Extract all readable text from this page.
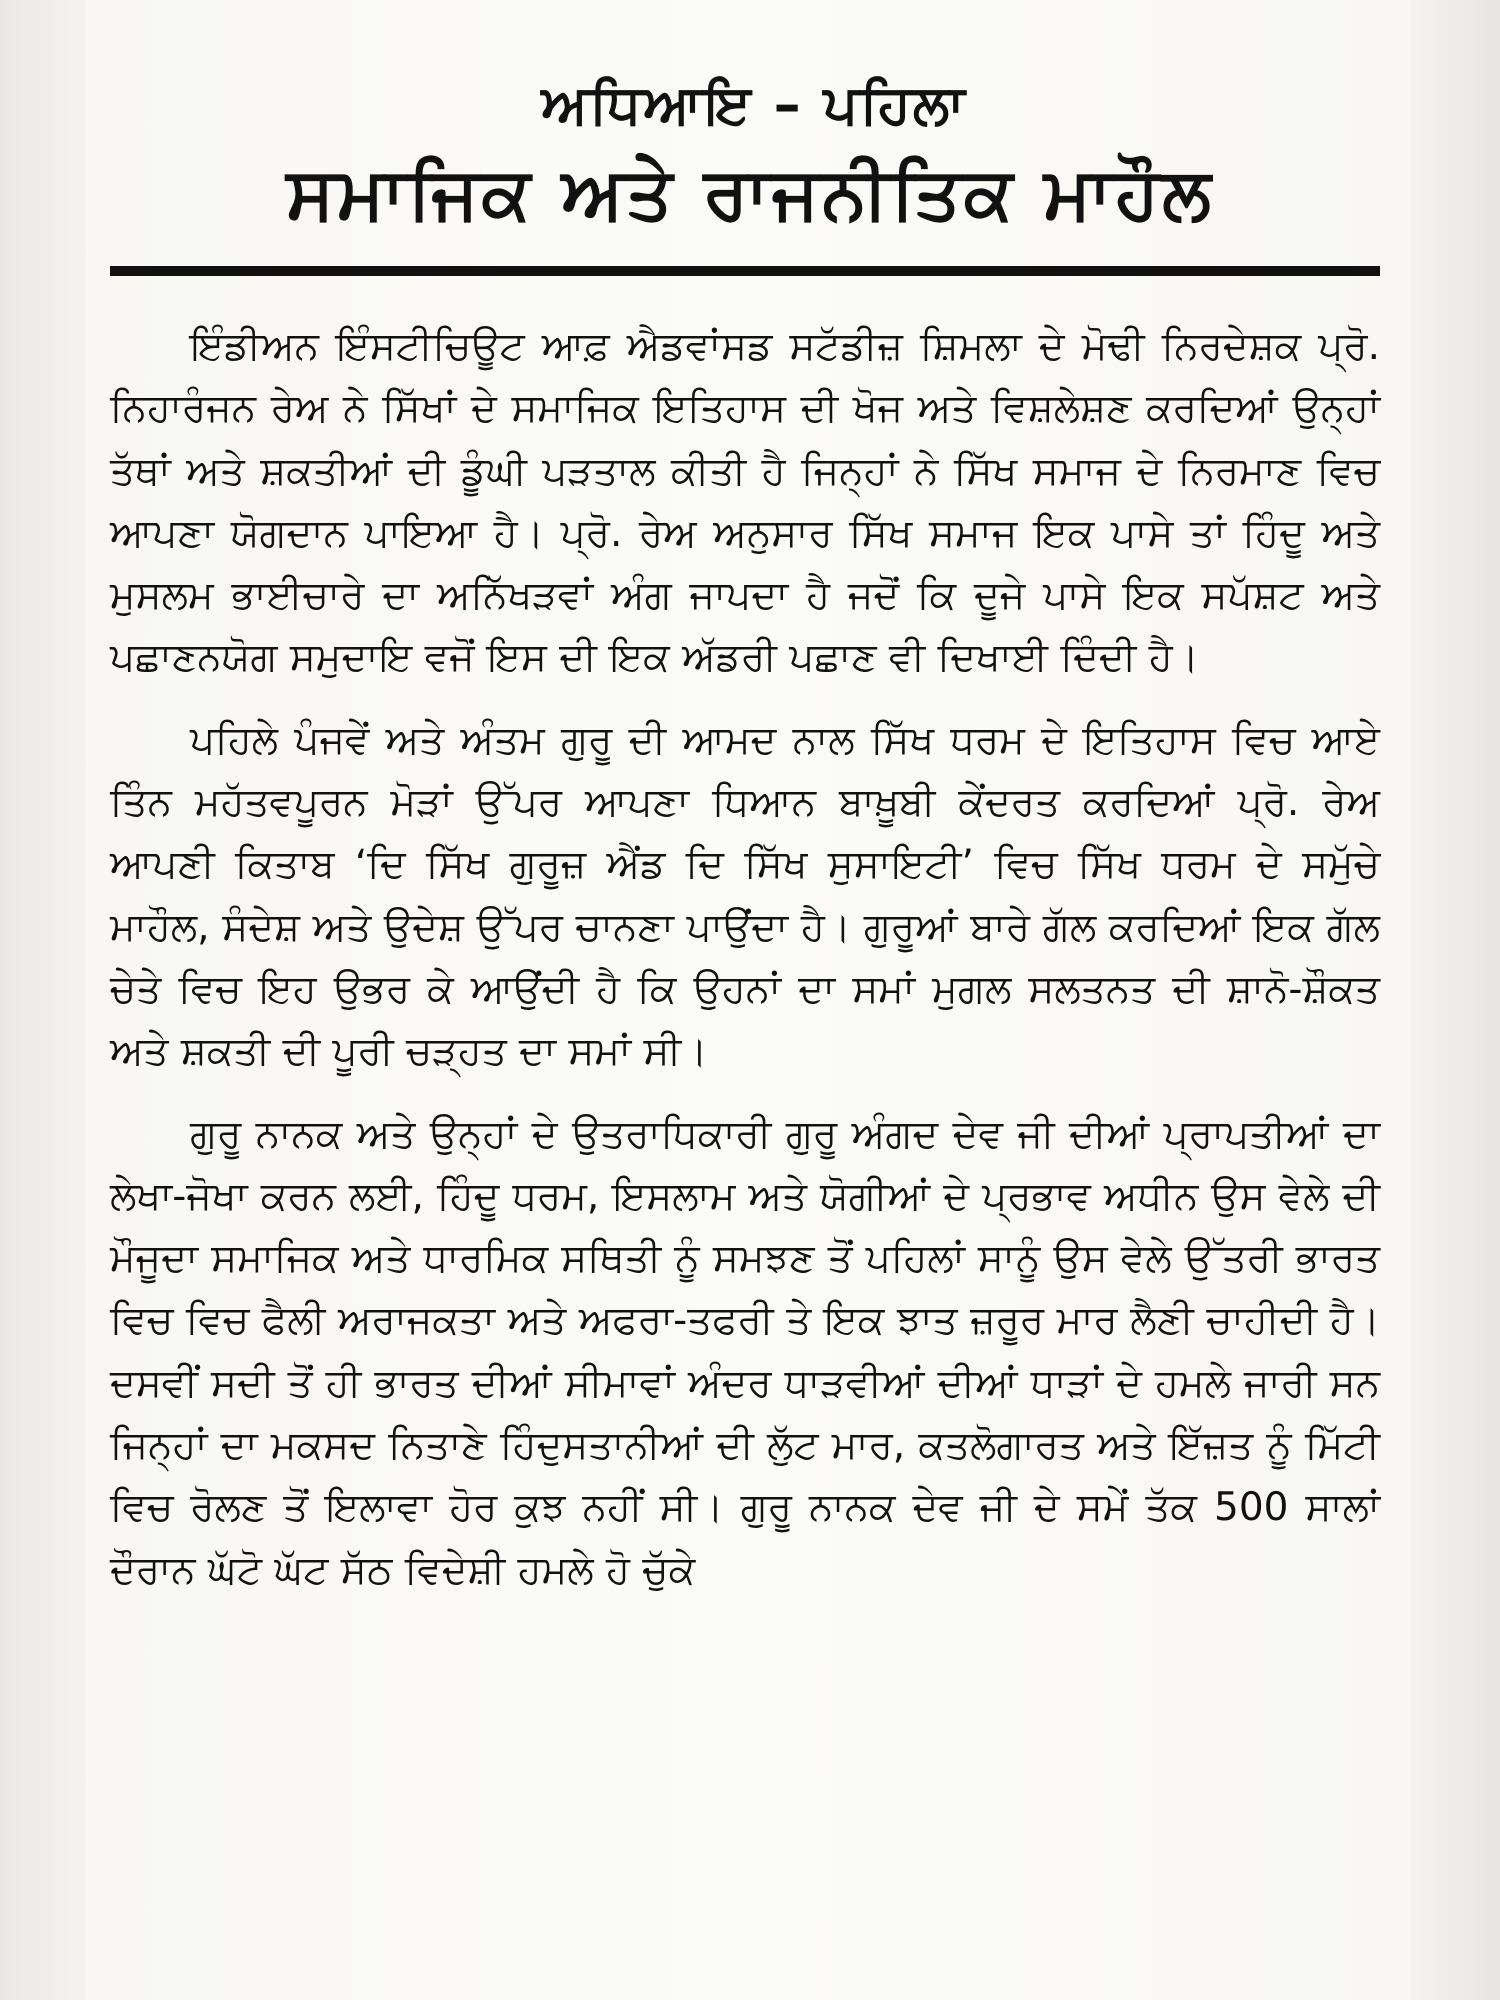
ਅਧਿਆਇ – ਪਹਿਲਾ
ਸਮਾਜਿਕ ਅਤੇ ਰਾਜਨੀਤਿਕ ਮਾਹੌਲ

ਇੰਡੀਅਨ ਇੰਸਟੀਚਿਊਟ ਆਫ਼ ਐਡਵਾਂਸਡ ਸਟੱਡੀਜ਼ ਸ਼ਿਮਲਾ ਦੇ ਮੋਢੀ ਨਿਰਦੇਸ਼ਕ ਪ੍ਰੋ. ਨਿਹਾਰੰਜਨ ਰੇਅ ਨੇ ਸਿੱਖਾਂ ਦੇ ਸਮਾਜਿਕ ਇਤਿਹਾਸ ਦੀ ਖੋਜ ਅਤੇ ਵਿਸ਼ਲੇਸ਼ਣ ਕਰਦਿਆਂ ਉਨ੍ਹਾਂ ਤੱਥਾਂ ਅਤੇ ਸ਼ਕਤੀਆਂ ਦੀ ਡੂੰਘੀ ਪੜਤਾਲ ਕੀਤੀ ਹੈ ਜਿਨ੍ਹਾਂ ਨੇ ਸਿੱਖ ਸਮਾਜ ਦੇ ਨਿਰਮਾਣ ਵਿਚ ਆਪਣਾ ਯੋਗਦਾਨ ਪਾਇਆ ਹੈ। ਪ੍ਰੋ. ਰੇਅ ਅਨੁਸਾਰ ਸਿੱਖ ਸਮਾਜ ਇਕ ਪਾਸੇ ਤਾਂ ਹਿੰਦੂ ਅਤੇ ਮੁਸਲਮ ਭਾਈਚਾਰੇ ਦਾ ਅਨਿੱਖੜਵਾਂ ਅੰਗ ਜਾਪਦਾ ਹੈ ਜਦੋਂ ਕਿ ਦੂਜੇ ਪਾਸੇ ਇਕ ਸਪੱਸ਼ਟ ਅਤੇ ਪਛਾਣਨਯੋਗ ਸਮੁਦਾਇ ਵਜੋਂ ਇਸ ਦੀ ਇਕ ਅੱਡਰੀ ਪਛਾਣ ਵੀ ਦਿਖਾਈ ਦਿੰਦੀ ਹੈ।

ਪਹਿਲੇ ਪੰਜਵੇਂ ਅਤੇ ਅੰਤਮ ਗੁਰੂ ਦੀ ਆਮਦ ਨਾਲ ਸਿੱਖ ਧਰਮ ਦੇ ਇਤਿਹਾਸ ਵਿਚ ਆਏ ਤਿੰਨ ਮਹੱਤਵਪੂਰਨ ਮੋੜਾਂ ਉੱਪਰ ਆਪਣਾ ਧਿਆਨ ਬਾਖ਼ੂਬੀ ਕੇਂਦਰਤ ਕਰਦਿਆਂ ਪ੍ਰੋ. ਰੇਅ ਆਪਣੀ ਕਿਤਾਬ ‘ਦਿ ਸਿੱਖ ਗੁਰੂਜ਼ ਐਂਡ ਦਿ ਸਿੱਖ ਸੁਸਾਇਟੀ’ ਵਿਚ ਸਿੱਖ ਧਰਮ ਦੇ ਸਮੁੱਚੇ ਮਾਹੌਲ, ਸੰਦੇਸ਼ ਅਤੇ ਉਦੇਸ਼ ਉੱਪਰ ਚਾਨਣਾ ਪਾਉਂਦਾ ਹੈ। ਗੁਰੂਆਂ ਬਾਰੇ ਗੱਲ ਕਰਦਿਆਂ ਇਕ ਗੱਲ ਚੇਤੇ ਵਿਚ ਇਹ ਉਭਰ ਕੇ ਆਉਂਦੀ ਹੈ ਕਿ ਉਹਨਾਂ ਦਾ ਸਮਾਂ ਮੁਗਲ ਸਲਤਨਤ ਦੀ ਸ਼ਾਨੋ-ਸ਼ੌਕਤ ਅਤੇ ਸ਼ਕਤੀ ਦੀ ਪੂਰੀ ਚੜ੍ਹਤ ਦਾ ਸਮਾਂ ਸੀ।

ਗੁਰੂ ਨਾਨਕ ਅਤੇ ਉਨ੍ਹਾਂ ਦੇ ਉਤਰਾਧਿਕਾਰੀ ਗੁਰੂ ਅੰਗਦ ਦੇਵ ਜੀ ਦੀਆਂ ਪ੍ਰਾਪਤੀਆਂ ਦਾ ਲੇਖਾ-ਜੋਖਾ ਕਰਨ ਲਈ, ਹਿੰਦੂ ਧਰਮ, ਇਸਲਾਮ ਅਤੇ ਯੋਗੀਆਂ ਦੇ ਪ੍ਰਭਾਵ ਅਧੀਨ ਉਸ ਵੇਲੇ ਦੀ ਮੌਜੂਦਾ ਸਮਾਜਿਕ ਅਤੇ ਧਾਰਮਿਕ ਸਥਿਤੀ ਨੂੰ ਸਮਝਣ ਤੋਂ ਪਹਿਲਾਂ ਸਾਨੂੰ ਉਸ ਵੇਲੇ ਉੱਤਰੀ ਭਾਰਤ ਵਿਚ ਵਿਚ ਫੈਲੀ ਅਰਾਜਕਤਾ ਅਤੇ ਅਫਰਾ-ਤਫਰੀ ਤੇ ਇਕ ਝਾਤ ਜ਼ਰੂਰ ਮਾਰ ਲੈਣੀ ਚਾਹੀਦੀ ਹੈ। ਦਸਵੀਂ ਸਦੀ ਤੋਂ ਹੀ ਭਾਰਤ ਦੀਆਂ ਸੀਮਾਵਾਂ ਅੰਦਰ ਧਾੜਵੀਆਂ ਦੀਆਂ ਧਾੜਾਂ ਦੇ ਹਮਲੇ ਜਾਰੀ ਸਨ ਜਿਨ੍ਹਾਂ ਦਾ ਮਕਸਦ ਨਿਤਾਣੇ ਹਿੰਦੁਸਤਾਨੀਆਂ ਦੀ ਲੁੱਟ ਮਾਰ, ਕਤਲੋਗਾਰਤ ਅਤੇ ਇੱਜ਼ਤ ਨੂੰ ਮਿੱਟੀ ਵਿਚ ਰੋਲਣ ਤੋਂ ਇਲਾਵਾ ਹੋਰ ਕੁਝ ਨਹੀਂ ਸੀ। ਗੁਰੂ ਨਾਨਕ ਦੇਵ ਜੀ ਦੇ ਸਮੇਂ ਤੱਕ 500 ਸਾਲਾਂ ਦੌਰਾਨ ਘੱਟੋ ਘੱਟ ਸੱਠ ਵਿਦੇਸ਼ੀ ਹਮਲੇ ਹੋ ਚੁੱਕੇ
